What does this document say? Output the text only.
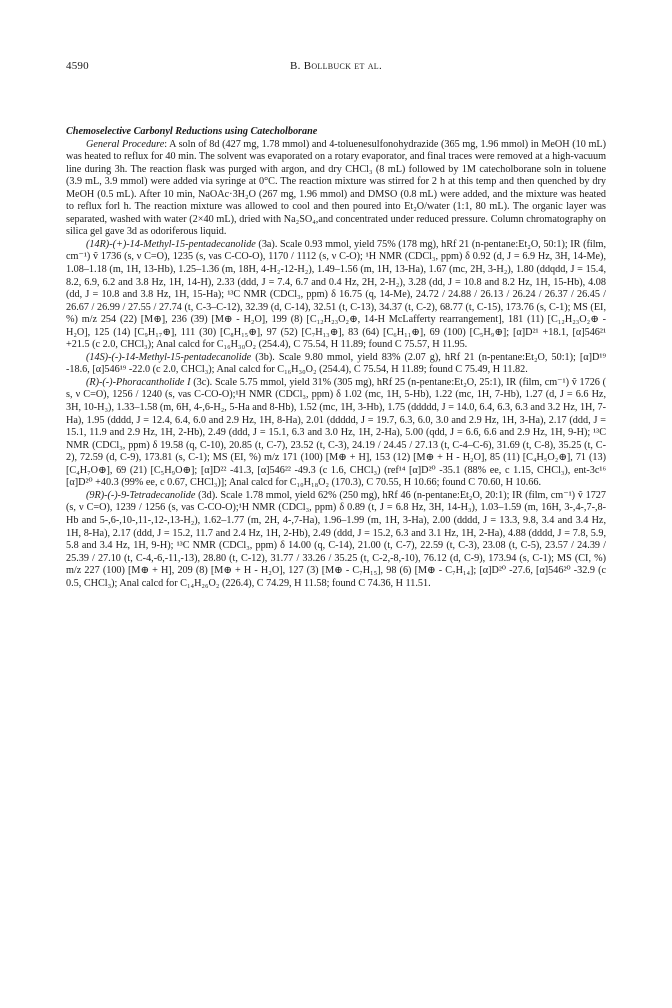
4590	B. Bollbuck et al.
Chemoselective Carbonyl Reductions using Catecholborane

General Procedure: A soln of 8d (427 mg, 1.78 mmol) and 4-toluenesulfonohydrazide (365 mg, 1.96 mmol) in MeOH (10 mL) was heated to reflux for 40 min. The solvent was evaporated on a rotary evaporator, and final traces were removed at a high-vacuum line during 3h. The reaction flask was purged with argon, and dry CHCl₃ (8 mL) followed by 1M catecholborane soln in toluene (3.9 mL, 3.9 mmol) were added via syringe at 0°C. The reaction mixture was stirred for 2 h at this temp and then quenched by dry MeOH (0.5 mL). After 10 min, NaOAc·3H₂O (267 mg, 1.96 mmol) and DMSO (0.8 mL) were added, and the mixture was heated to reflux forl h. The reaction mixture was allowed to cool and then poured into Et₂O/water (1:1, 80 mL). The organic layer was separated, washed with water (2×40 mL), dried with Na₂SO₄,and concentrated under reduced pressure. Column chromatography on silica gel gave 3d as odoriferous liquid.

(14R)-(+)-14-Methyl-15-pentadecanolide (3a). Scale 0.93 mmol, yield 75% (178 mg), hRf 21 (n-pentane:Et₂O, 50:1); IR (film, cm⁻¹) ṽ 1736 (s, ν C=O), 1235 (s, νas C-CO-O), 1170 / 1112 (s, ν C-O); ¹H NMR (CDCl₃, ppm) δ 0.92 (d, J = 6.9 Hz, 3H, 14-Me), 1.08–1.18 (m, 1H, 13-Hb), 1.25–1.36 (m, 18H, 4-H₂-12-H₂), 1.49–1.56 (m, 1H, 13-Ha), 1.67 (mc, 2H, 3-H₂), 1.80 (ddqdd, J = 15.4, 8.2, 6.9, 6.2 and 3.8 Hz, 1H, 14-H), 2.33 (ddd, J = 7.4, 6.7 and 0.4 Hz, 2H, 2-H₂), 3.28 (dd, J = 10.8 and 8.2 Hz, 1H, 15-Hb), 4.08 (dd, J = 10.8 and 3.8 Hz, 1H, 15-Ha); ¹³C NMR (CDCl₃, ppm) δ 16.75 (q, 14-Me), 24.72 / 24.88 / 26.13 / 26.24 / 26.37 / 26.45 / 26.67 / 26.99 / 27.55 / 27.74 (t, C-3–C-12), 32.39 (d, C-14), 32.51 (t, C-13), 34.37 (t, C-2), 68.77 (t, C-15), 173.76 (s, C-1); MS (EI, %) m/z 254 (22) [M⊕], 236 (39) [M⊕ - H₂O], 199 (8) [C₁₂H₂₃O₂⊕, 14-H McLafferty rearrangement], 181 (11) [C₁₂H₂₃O₂⊕ - H₂O], 125 (14) [C₉H₁₇⊕], 111 (30) [C₈H₁₅⊕], 97 (52) [C₇H₁₃⊕], 83 (64) [C₆H₁₁⊕], 69 (100) [C₅H₉⊕]; [α]D²¹ +18.1, [α]546²¹ +21.5 (c 2.0, CHCl₃); Anal calcd for C₁₆H₃₀O₂ (254.4), C 75.54, H 11.89; found C 75.57, H 11.95.

(14S)-(-)-14-Methyl-15-pentadecanolide (3b). Scale 9.80 mmol, yield 83% (2.07 g), hRf 21 (n-pentane:Et₂O, 50:1); [α]D¹⁹ -18.6, [α]546¹⁹ -22.0 (c 2.0, CHCl₃); Anal calcd for C₁₆H₃₀O₂ (254.4), C 75.54, H 11.89; found C 75.49, H 11.82.

(R)-(-)-Phoracantholide I (3c). Scale 5.75 mmol, yield 31% (305 mg), hRf 25 (n-pentane:Et₂O, 25:1), IR (film, cm⁻¹) ṽ 1726 ( s, ν C=O), 1256 / 1240 (s, νas C-CO-O);¹H NMR (CDCl₃, ppm) δ 1.02 (mc, 1H, 5-Hb), 1.22 (mc, 1H, 7-Hb), 1.27 (d, J = 6.6 Hz, 3H, 10-H₃), 1.33–1.58 (m, 6H, 4-,6-H₂, 5-Ha and 8-Hb), 1.52 (mc, 1H, 3-Hb), 1.75 (ddddd, J = 14.0, 6.4, 6.3, 6.3 and 3.2 Hz, 1H, 7-Ha), 1.95 (dddd, J = 12.4, 6.4, 6.0 and 2.9 Hz, 1H, 8-Ha), 2.01 (ddddd, J = 19.7, 6.3, 6.0, 3.0 and 2.9 Hz, 1H, 3-Ha), 2.17 (ddd, J = 15.1, 11.9 and 2.9 Hz, 1H, 2-Hb), 2.49 (ddd, J = 15.1, 6.3 and 3.0 Hz, 1H, 2-Ha), 5.00 (qdd, J = 6.6, 6.6 and 2.9 Hz, 1H, 9-H); ¹³C NMR (CDCl₃, ppm) δ 19.58 (q, C-10), 20.85 (t, C-7), 23.52 (t, C-3), 24.19 / 24.45 / 27.13 (t, C-4–C-6), 31.69 (t, C-8), 35.25 (t, C-2), 72.59 (d, C-9), 173.81 (s, C-1); MS (EI, %) m/z 171 (100) [M⊕ + H], 153 (12) [M⊕ + H - H₂O], 85 (11) [C₄H₅O₂⊕], 71 (13) [C₄H₇O⊕], 69 (21) [C₅H₉O⊕]; [α]D²² -41.3, [α]546²² -49.3 (c 1.6, CHCl₃) (ref¹⁴ [α]D²⁰ -35.1 (88% ee, c 1.15, CHCl₃), ent-3c¹⁶ [α]D²⁰ +40.3 (99% ee, c 0.67, CHCl₃)]; Anal calcd for C₁₀H₁₈O₂ (170.3), C 70.55, H 10.66; found C 70.60, H 10.66.

(9R)-(-)-9-Tetradecanolide (3d). Scale 1.78 mmol, yield 62% (250 mg), hRf 46 (n-pentane:Et₂O, 20:1); IR (film, cm⁻¹) ṽ 1727 (s, ν C=O), 1239 / 1256 (s, νas C-CO-O);¹H NMR (CDCl₃, ppm) δ 0.89 (t, J = 6.8 Hz, 3H, 14-H₃), 1.03–1.59 (m, 16H, 3-,4-,7-,8-Hb and 5-,6-,10-,11-,12-,13-H₂), 1.62–1.77 (m, 2H, 4-,7-Ha), 1.96–1.99 (m, 1H, 3-Ha), 2.00 (dddd, J = 13.3, 9.8, 3.4 and 3.4 Hz, 1H, 8-Ha), 2.17 (ddd, J = 15.2, 11.7 and 2.4 Hz, 1H, 2-Hb), 2.49 (ddd, J = 15.2, 6.3 and 3.1 Hz, 1H, 2-Ha), 4.88 (dddd, J = 7.8, 5.9, 5.8 and 3.4 Hz, 1H, 9-H); ¹³C NMR (CDCl₃, ppm) δ 14.00 (q, C-14), 21.00 (t, C-7), 22.59 (t, C-3), 23.08 (t, C-5), 23.57 / 24.39 / 25.39 / 27.10 (t, C-4,-6,-11,-13), 28.80 (t, C-12), 31.77 / 33.26 / 35.25 (t, C-2,-8,-10), 76.12 (d, C-9), 173.94 (s, C-1); MS (CI, %) m/z 227 (100) [M⊕ + H], 209 (8) [M⊕ + H - H₂O], 127 (3) [M⊕ - C₇H₁₅], 98 (6) [M⊕ - C₇H₁₄]; [α]D²⁰ -27.6, [α]546²⁰ -32.9 (c 0.5, CHCl₃); Anal calcd for C₁₄H₂₆O₂ (226.4), C 74.29, H 11.58; found C 74.36, H 11.51.
